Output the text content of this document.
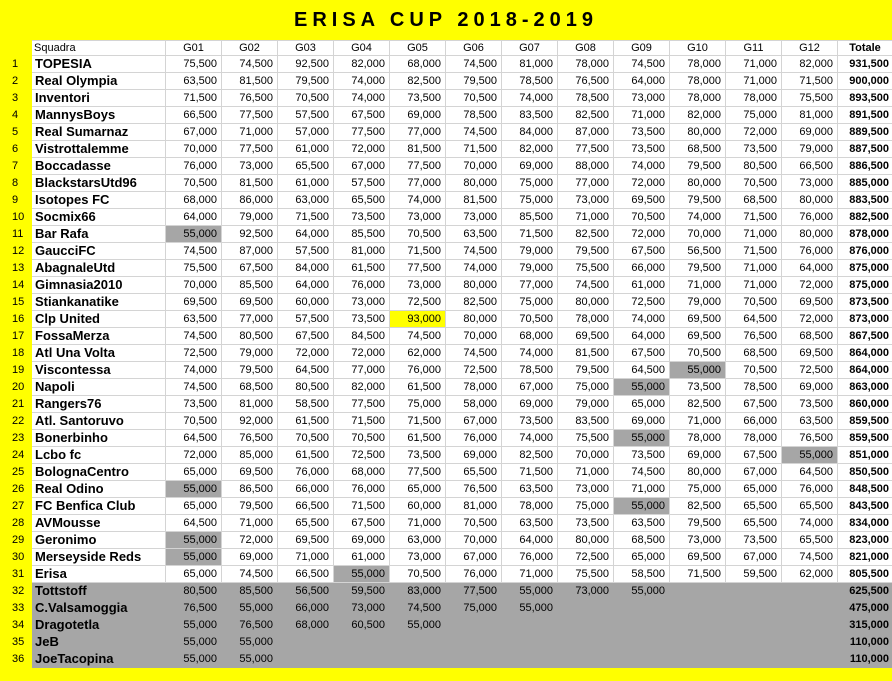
ERISA CUP 2018-2019
	Squadra	G01	G02	G03	G04	G05	G06	G07	G08	G09	G10	G11	G12	Totale
1	TOPESIA	75,500	74,500	92,500	82,000	68,000	74,500	81,000	78,000	74,500	78,000	71,000	82,000	931,500
2	Real Olympia	63,500	81,500	79,500	74,000	82,500	79,500	78,500	76,500	64,000	78,000	71,000	71,500	900,000
3	Inventori	71,500	76,500	70,500	74,000	73,500	70,500	74,000	78,500	73,000	78,000	78,000	75,500	893,500
4	MannysBoys	66,500	77,500	57,500	67,500	69,000	78,500	83,500	82,500	71,000	82,000	75,000	81,000	891,500
5	Real Sumarnaz	67,000	71,000	57,000	77,500	77,000	74,500	84,000	87,000	73,500	80,000	72,000	69,000	889,500
6	Vistrottalemme	70,000	77,500	61,000	72,000	81,500	71,500	82,000	77,500	73,500	68,500	73,500	79,000	887,500
7	Boccadasse	76,000	73,000	65,500	67,000	77,500	70,000	69,000	88,000	74,000	79,500	80,500	66,500	886,500
8	BlackstarsUtd96	70,500	81,500	61,000	57,500	77,000	80,000	75,000	77,000	72,000	80,000	70,500	73,000	885,000
9	Isotopes FC	68,000	86,000	63,000	65,500	74,000	81,500	75,000	73,000	69,500	79,500	68,500	80,000	883,500
10	Socmix66	64,000	79,000	71,500	73,500	73,000	73,000	85,500	71,000	70,500	74,000	71,500	76,000	882,500
11	Bar Rafa	55,000	92,500	64,000	85,500	70,500	63,500	71,500	82,500	72,000	70,000	71,000	80,000	878,000
12	GaucciFC	74,500	87,000	57,500	81,000	71,500	74,500	79,000	79,500	67,500	56,500	71,500	76,000	876,000
13	AbagnaleUtd	75,500	67,500	84,000	61,500	77,500	74,000	79,000	75,500	66,000	79,500	71,000	64,000	875,000
14	Gimnasia2010	70,000	85,500	64,000	76,000	73,000	80,000	77,000	74,500	61,000	71,000	71,000	72,000	875,000
15	Stiankanatike	69,500	69,500	60,000	73,000	72,500	82,500	75,000	80,000	72,500	79,000	70,500	69,500	873,500
16	Clp United	63,500	77,000	57,500	73,500	93,000	80,000	70,500	78,000	74,000	69,500	64,500	72,000	873,000
17	FossaMerza	74,500	80,500	67,500	84,500	74,500	70,000	68,000	69,500	64,000	69,500	76,500	68,500	867,500
18	Atl Una Volta	72,500	79,000	72,000	72,000	62,000	74,500	74,000	81,500	67,500	70,500	68,500	69,500	864,000
19	Viscontessa	74,000	79,500	64,500	77,000	76,000	72,500	78,500	79,500	64,500	55,000	70,500	72,500	864,000
20	Napoli	74,500	68,500	80,500	82,000	61,500	78,000	67,000	75,000	55,000	73,500	78,500	69,000	863,000
21	Rangers76	73,500	81,000	58,500	77,500	75,000	58,000	69,000	79,000	65,000	82,500	67,500	73,500	860,000
22	Atl. Santoruvo	70,500	92,000	61,500	71,500	71,500	67,000	73,500	83,500	69,000	71,000	66,000	63,500	859,500
23	Bonerbinho	64,500	76,500	70,500	70,500	61,500	76,000	74,000	75,500	55,000	78,000	78,000	76,500	859,500
24	Lcbo fc	72,000	85,000	61,500	72,500	73,500	69,000	82,500	70,000	73,500	69,000	67,500	55,000	851,000
25	BolognaCentro	65,000	69,500	76,000	68,000	77,500	65,500	71,500	71,000	74,500	80,000	67,000	64,500	850,500
26	Real Odino	55,000	86,500	66,000	76,000	65,000	76,500	63,500	73,000	71,000	75,000	65,000	76,000	848,500
27	FC Benfica Club	65,000	79,500	66,500	71,500	60,000	81,000	78,000	75,000	55,000	82,500	65,500	65,500	843,500
28	AVMousse	64,500	71,000	65,500	67,500	71,000	70,500	63,500	73,500	63,500	79,500	65,500	74,000	834,000
29	Geronimo	55,000	72,000	69,500	69,000	63,000	70,000	64,000	80,000	68,500	73,000	73,500	65,500	823,000
30	Merseyside Reds	55,000	69,000	71,000	61,000	73,000	67,000	76,000	72,500	65,000	69,500	67,000	74,500	821,000
31	Erisa	65,000	74,500	66,500	55,000	70,500	76,000	71,000	75,500	58,500	71,500	59,500	62,000	805,500
32	Tottstoff	80,500	85,500	56,500	59,500	83,000	77,500	55,000	73,000	55,000				625,500
33	C.Valsamoggia	76,500	55,000	66,000	73,000	74,500	75,000	55,000						475,000
34	Dragotetla	55,000	76,500	68,000	60,500	55,000								315,000
35	JeB	55,000	55,000											110,000
36	JoeTacopina	55,000	55,000											110,000
